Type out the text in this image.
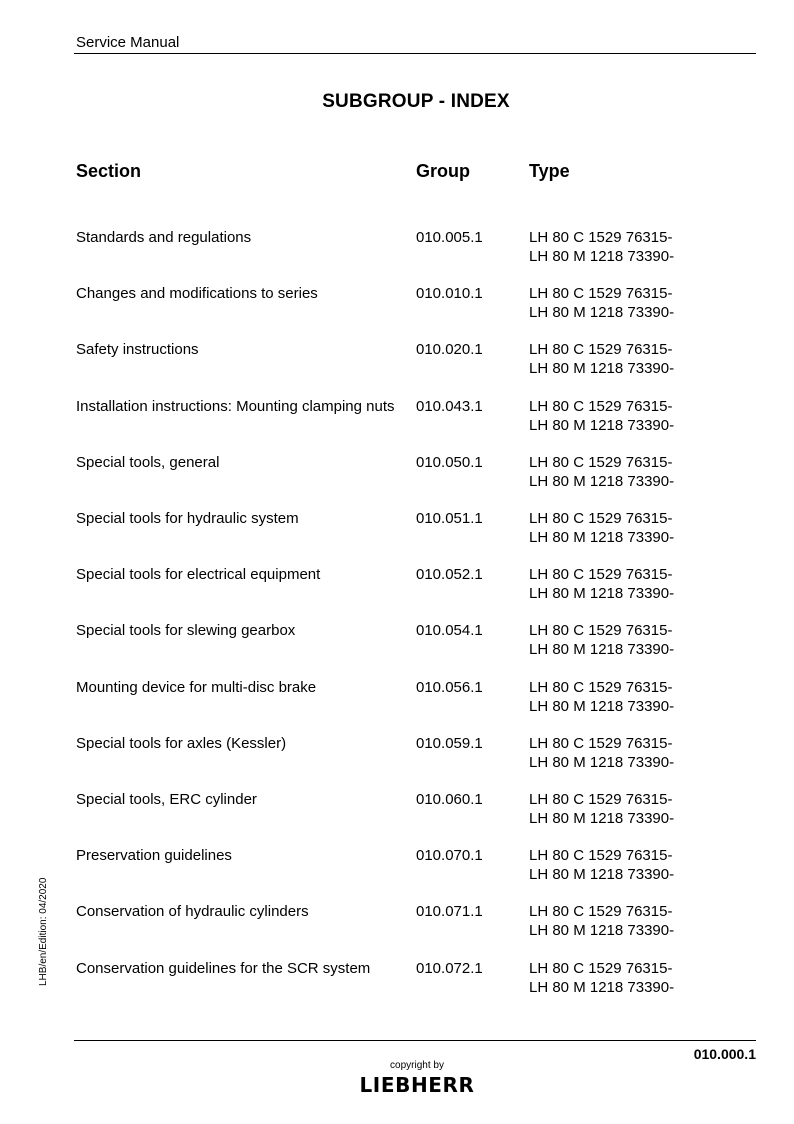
Service Manual
SUBGROUP - INDEX
Section	Group	Type
Standards and regulations	010.005.1	LH 80 C 1529 76315-
LH 80 M 1218 73390-
Changes and modifications to series	010.010.1	LH 80 C 1529 76315-
LH 80 M 1218 73390-
Safety instructions	010.020.1	LH 80 C 1529 76315-
LH 80 M 1218 73390-
Installation instructions: Mounting clamping nuts 010.043.1	LH 80 C 1529 76315-
LH 80 M 1218 73390-
Special tools, general	010.050.1	LH 80 C 1529 76315-
LH 80 M 1218 73390-
Special tools for hydraulic system	010.051.1	LH 80 C 1529 76315-
LH 80 M 1218 73390-
Special tools for electrical equipment	010.052.1	LH 80 C 1529 76315-
LH 80 M 1218 73390-
Special tools for slewing gearbox	010.054.1	LH 80 C 1529 76315-
LH 80 M 1218 73390-
Mounting device for multi-disc brake	010.056.1	LH 80 C 1529 76315-
LH 80 M 1218 73390-
Special tools for axles (Kessler)	010.059.1	LH 80 C 1529 76315-
LH 80 M 1218 73390-
Special tools, ERC cylinder	010.060.1	LH 80 C 1529 76315-
LH 80 M 1218 73390-
Preservation guidelines	010.070.1	LH 80 C 1529 76315-
LH 80 M 1218 73390-
Conservation of hydraulic cylinders	010.071.1	LH 80 C 1529 76315-
LH 80 M 1218 73390-
Conservation guidelines for the SCR system	010.072.1	LH 80 C 1529 76315-
LH 80 M 1218 73390-
LHB/en/Edition: 04/2020
010.000.1
copyright by
LIEBHERR
